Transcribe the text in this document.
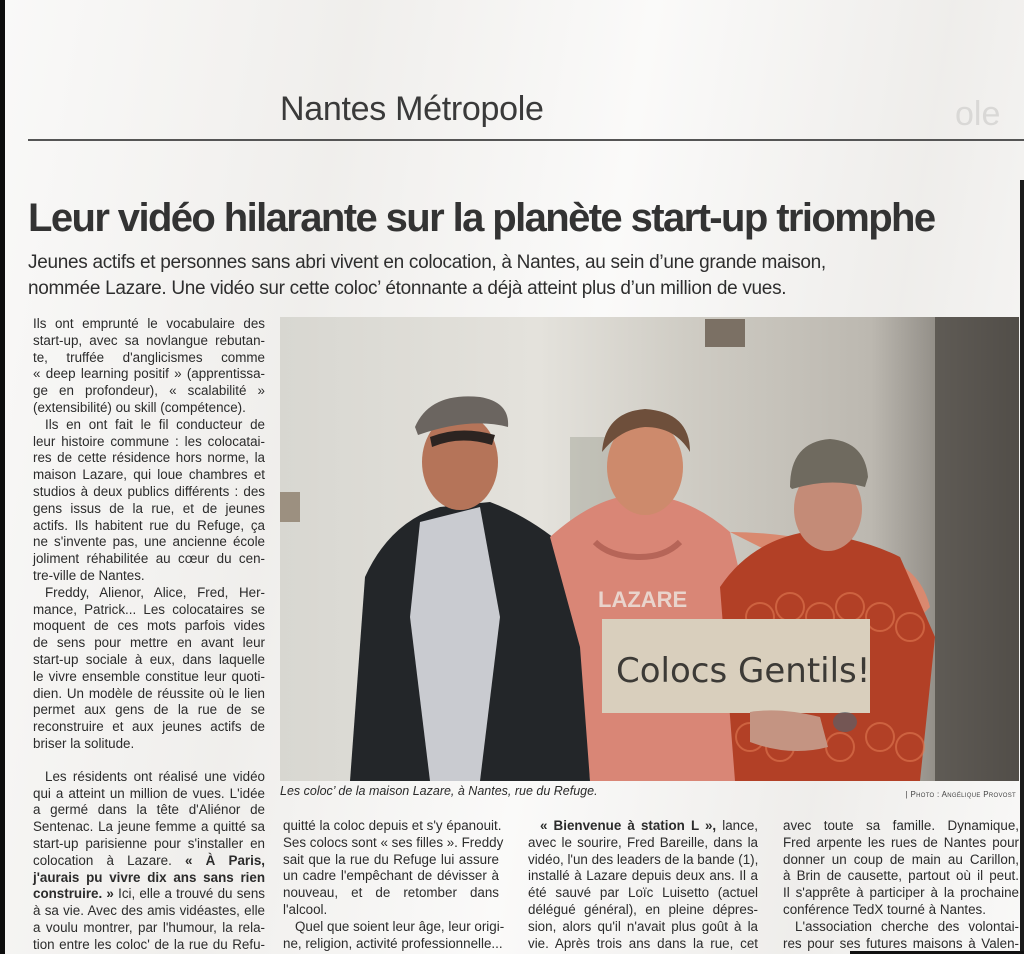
Nantes Métropole	ole
Leur vidéo hilarante sur la planète start-up triomphe
Jeunes actifs et personnes sans abri vivent en colocation, à Nantes, au sein d’une grande maison,
nommée Lazare. Une vidéo sur cette coloc’ étonnante a déjà atteint plus d’un million de vues.

Ils ont emprunté le vocabulaire des
start-up, avec sa novlangue rebutan-
te, truffée d'anglicismes comme
« deep learning positif » (apprentissa-
ge en profondeur), « scalabilité »
(extensibilité) ou skill (compétence).

Ils en ont fait le fil conducteur de
leur histoire commune : les colocatai-
res de cette résidence hors norme, la
maison Lazare, qui loue chambres et
studios à deux publics différents : des
gens issus de la rue, et de jeunes
actifs. Ils habitent rue du Refuge, ça
ne s'invente pas, une ancienne école
joliment réhabilitée au cœur du cen-
tre-ville de Nantes.

Freddy, Alienor, Alice, Fred, Her-
mance, Patrick... Les colocataires se
moquent de ces mots parfois vides
de sens pour mettre en avant leur
start-up sociale à eux, dans laquelle
le vivre ensemble constitue leur quoti-
dien. Un modèle de réussite où le lien
permet aux gens de la rue de se
reconstruire et aux jeunes actifs de
briser la solitude.

Les résidents ont réalisé une vidéo
qui a atteint un million de vues. L'idée
a germé dans la tête d'Aliénor de
Sentenac. La jeune femme a quitté sa
start-up parisienne pour s'installer en
colocation à Lazare. « À Paris,
j'aurais pu vivre dix ans sans rien
construire. » Ici, elle a trouvé du sens
à sa vie. Avec des amis vidéastes, elle
a voulu montrer, par l'humour, la rela-
tion entre les coloc' de la rue du Refu-

LAZARE
Colocs Gentils!
Les coloc’ de la maison Lazare, à Nantes, rue du Refuge.	| Photo : Angélique Provost

quitté la coloc depuis et s'y épanouit.
Ses colocs sont « ses filles ». Freddy
sait que la rue du Refuge lui assure
un cadre l'empêchant de dévisser à
nouveau, et de retomber dans
l'alcool.

Quel que soient leur âge, leur origi-
ne, religion, activité professionnelle...

« Bienvenue à station L », lance,
avec le sourire, Fred Bareille, dans la
vidéo, l'un des leaders de la bande (1),
installé à Lazare depuis deux ans. Il a
été sauvé par Loïc Luisetto (actuel
délégué général), en pleine dépres-
sion, alors qu'il n'avait plus goût à la
vie. Après trois ans dans la rue, cet

avec toute sa famille. Dynamique,
Fred arpente les rues de Nantes pour
donner un coup de main au Carillon,
à Brin de causette, partout où il peut.
Il s'apprête à participer à la prochaine
conférence TedX tourné à Nantes.

L'association cherche des volontai-
res pour ses futures maisons à Valen-
